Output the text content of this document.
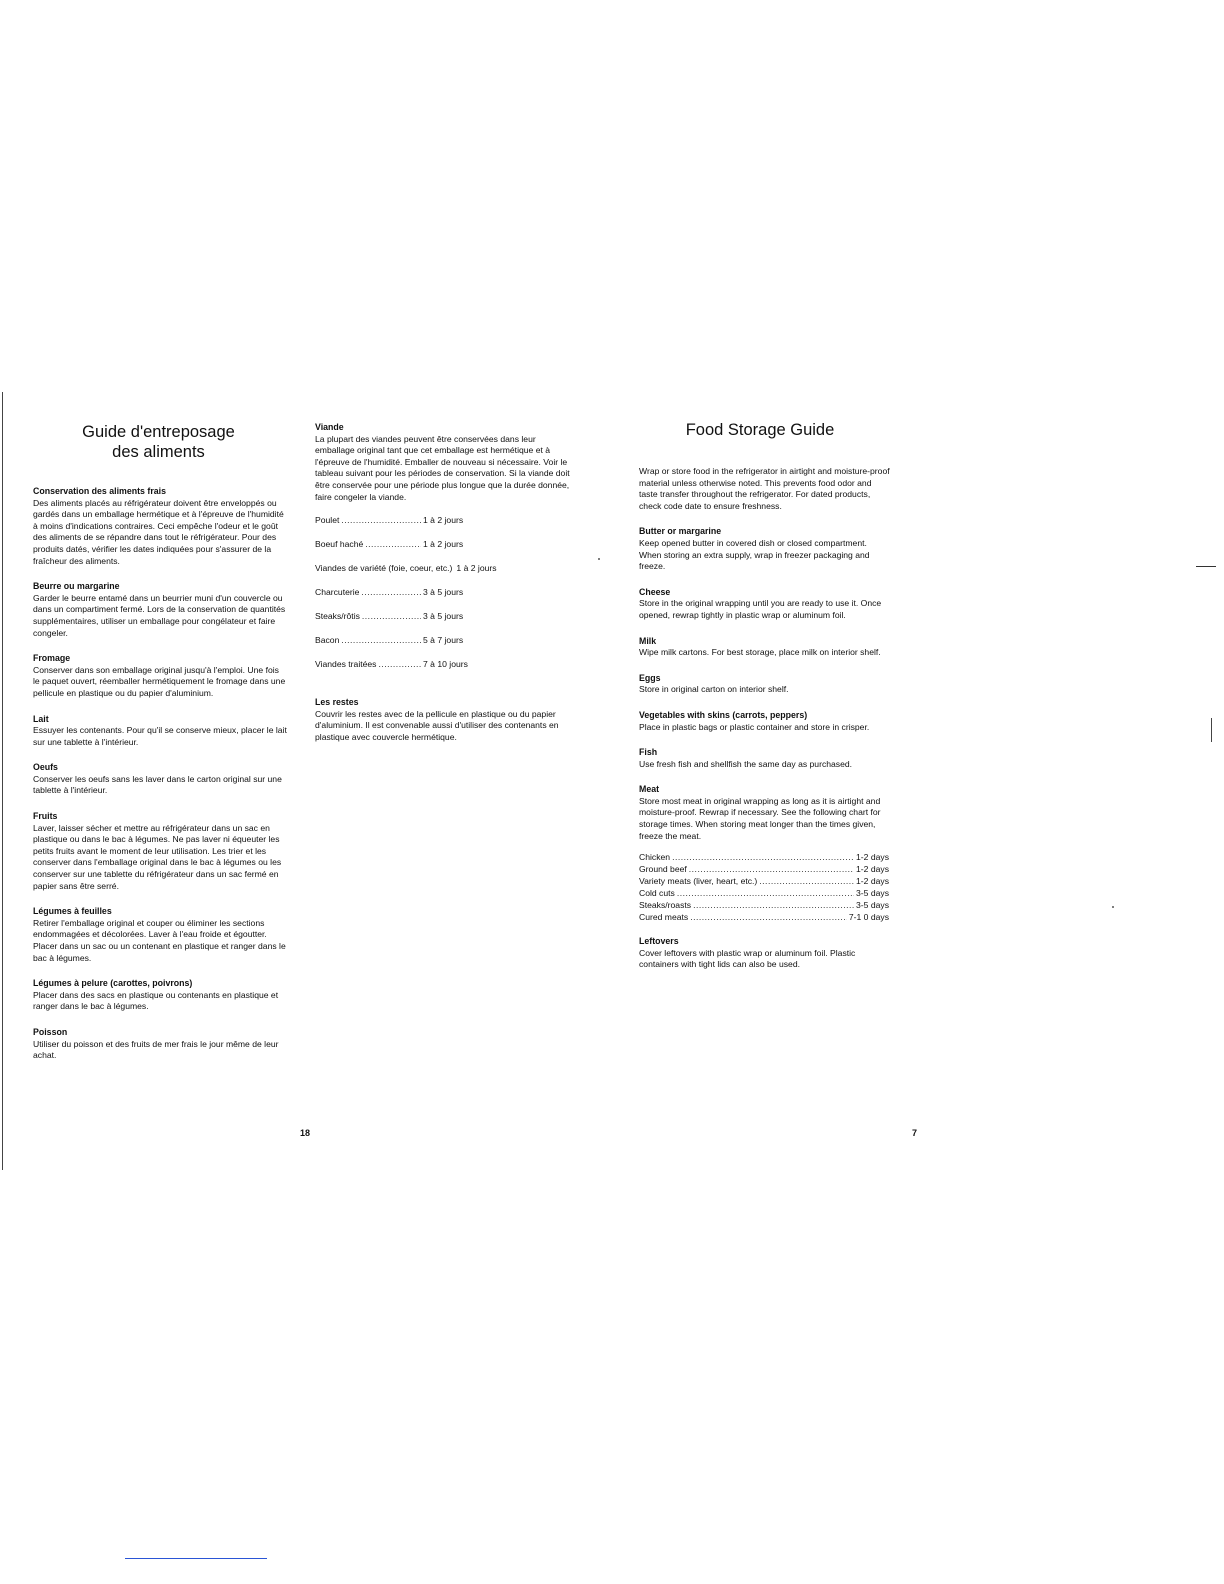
Guide d'entreposage
des aliments
Conservation des aliments frais

Des aliments placés au réfrigérateur doivent être enveloppés ou gardés dans un emballage hermétique et à l'épreuve de l'humidité à moins d'indications contraires. Ceci empêche l'odeur et le goût des aliments de se répandre dans tout le réfrigérateur. Pour des produits datés, vérifier les dates indiquées pour s'assurer de la fraîcheur des aliments.

Beurre ou margarine

Garder le beurre entamé dans un beurrier muni d'un couvercle ou dans un compartiment fermé. Lors de la conservation de quantités supplémentaires, utiliser un emballage pour congélateur et faire congeler.

Fromage

Conserver dans son emballage original jusqu'à l'emploi. Une fois le paquet ouvert, réemballer hermétiquement le fromage dans une pellicule en plastique ou du papier d'aluminium.

Lait

Essuyer les contenants. Pour qu'il se conserve mieux, placer le lait sur une tablette à l'intérieur.

Oeufs

Conserver les oeufs sans les laver dans le carton original sur une tablette à l'intérieur.

Fruits

Laver, laisser sécher et mettre au réfrigérateur dans un sac en plastique ou dans le bac à légumes. Ne pas laver ni équeuter les petits fruits avant le moment de leur utilisation. Les trier et les conserver dans l'emballage original dans le bac à légumes ou les conserver sur une tablette du réfrigérateur dans un sac fermé en papier sans être serré.

Légumes à feuilles

Retirer l'emballage original et couper ou éliminer les sections endommagées et décolorées. Laver à l'eau froide et égoutter. Placer dans un sac ou un contenant en plastique et ranger dans le bac à légumes.

Légumes à pelure (carottes, poivrons)

Placer dans des sacs en plastique ou contenants en plastique et ranger dans le bac à légumes.

Poisson

Utiliser du poisson et des fruits de mer frais le jour même de leur achat.

Viande

La plupart des viandes peuvent être conservées dans leur emballage original tant que cet emballage est hermétique et à l'épreuve de l'humidité. Emballer de nouveau si nécessaire. Voir le tableau suivant pour les périodes de conservation. Si la viande doit être conservée pour une période plus longue que la durée donnée, faire congeler la viande.

Poulet .....	1 à 2 jours
Boeuf haché .....	1 à 2 jours
Viandes de variété (foie, coeur, etc.) 1 à 2 jours
Charcuterie .....	3 à 5 jours
Steaks/rôtis .....	3 à 5 jours
Bacon .....	5 à 7 jours
Viandes traitées .....	7 à 10 jours
Les restes

Couvrir les restes avec de la pellicule en plastique ou du papier d'aluminium. Il est convenable aussi d'utiliser des contenants en plastique avec couvercle hermétique.

Food Storage Guide

Wrap or store food in the refrigerator in airtight and moisture-proof material unless otherwise noted. This prevents food odor and taste transfer throughout the refrigerator. For dated products, check code date to ensure freshness.

Butter or margarine

Keep opened butter in covered dish or closed compartment. When storing an extra supply, wrap in freezer packaging and freeze.

Cheese

Store in the original wrapping until you are ready to use it. Once opened, rewrap tightly in plastic wrap or aluminum foil.

Milk

Wipe milk cartons. For best storage, place milk on interior shelf.

Eggs

Store in original carton on interior shelf.

Vegetables with skins (carrots, peppers)

Place in plastic bags or plastic container and store in crisper.

Fish

Use fresh fish and shellfish the same day as purchased.

Meat

Store most meat in original wrapping as long as it is airtight and moisture-proof. Rewrap if necessary. See the following chart for storage times. When storing meat longer than the times given, freeze the meat.

Chicken .....	1-2 days
Ground beef .....	1-2 days
Variety meats (liver, heart, etc.) .....	1-2 days
Cold cuts .....	3-5 days
Steaks/roasts .....	3-5 days
Cured meats .....	7-1 0 days
Leftovers

Cover leftovers with plastic wrap or aluminum foil. Plastic containers with tight lids can also be used.

18	7
